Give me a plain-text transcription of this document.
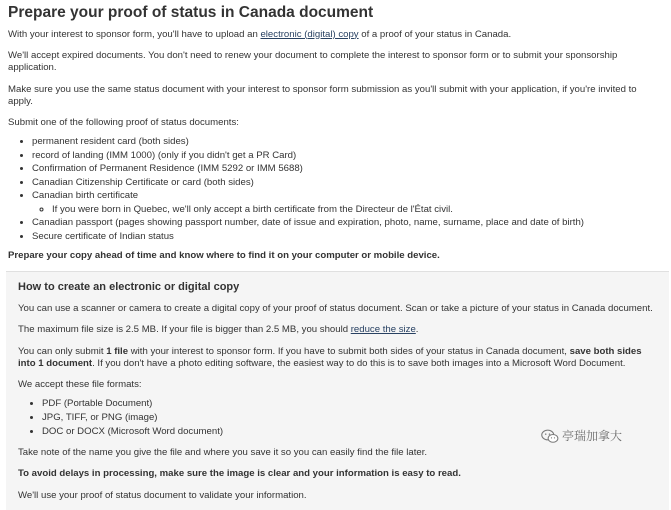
Prepare your proof of status in Canada document

With your interest to sponsor form, you'll have to upload an electronic (digital) copy of a proof of your status in Canada.

We'll accept expired documents. You don't need to renew your document to complete the interest to sponsor form or to submit your sponsorship application.

Make sure you use the same status document with your interest to sponsor form submission as you'll submit with your application, if you're invited to apply.

Submit one of the following proof of status documents:

• permanent resident card (both sides)
• record of landing (IMM 1000) (only if you didn't get a PR Card)
• Confirmation of Permanent Residence (IMM 5292 or IMM 5688)
• Canadian Citizenship Certificate or card (both sides)
• Canadian birth certificate
◦ If you were born in Quebec, we'll only accept a birth certificate from the Directeur de l'État civil.
• Canadian passport (pages showing passport number, date of issue and expiration, photo, name, surname, place and date of birth)
• Secure certificate of Indian status

Prepare your copy ahead of time and know where to find it on your computer or mobile device.

How to create an electronic or digital copy

You can use a scanner or camera to create a digital copy of your proof of status document. Scan or take a picture of your status in Canada document.

The maximum file size is 2.5 MB. If your file is bigger than 2.5 MB, you should reduce the size.

You can only submit 1 file with your interest to sponsor form. If you have to submit both sides of your status in Canada document, save both sides into 1 document. If you don't have a photo editing software, the easiest way to do this is to save both images into a Microsoft Word Document.

We accept these file formats:

• PDF (Portable Document)
• JPG, TIFF, or PNG (image)
• DOC or DOCX (Microsoft Word document)

Take note of the name you give the file and where you save it so you can easily find the file later.

To avoid delays in processing, make sure the image is clear and your information is easy to read.

We'll use your proof of status document to validate your information.

亭瑞加拿大
